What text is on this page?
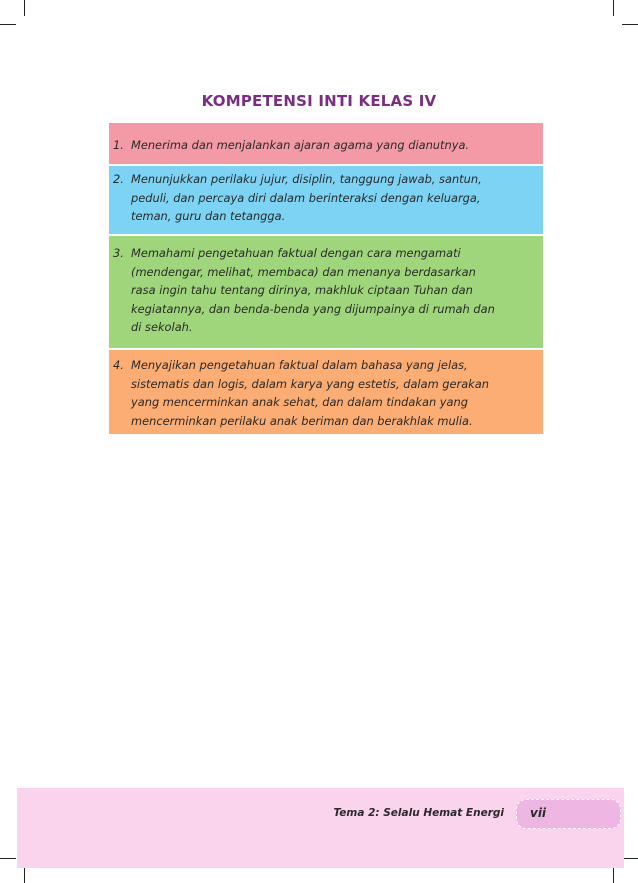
KOMPETENSI INTI KELAS IV
1. Menerima dan menjalankan ajaran agama yang dianutnya.
2. Menunjukkan perilaku jujur, disiplin, tanggung jawab, santun,
peduli, dan percaya diri dalam berinteraksi dengan keluarga,
teman, guru dan tetangga.
3. Memahami pengetahuan faktual dengan cara mengamati
(mendengar, melihat, membaca) dan menanya berdasarkan
rasa ingin tahu tentang dirinya, makhluk ciptaan Tuhan dan
kegiatannya, dan benda-benda yang dijumpainya di rumah dan
di sekolah.
4. Menyajikan pengetahuan faktual dalam bahasa yang jelas,
sistematis dan logis, dalam karya yang estetis, dalam gerakan
yang mencerminkan anak sehat, dan dalam tindakan yang
mencerminkan perilaku anak beriman dan berakhlak mulia.
Tema 2: Selalu Hemat Energi vii
